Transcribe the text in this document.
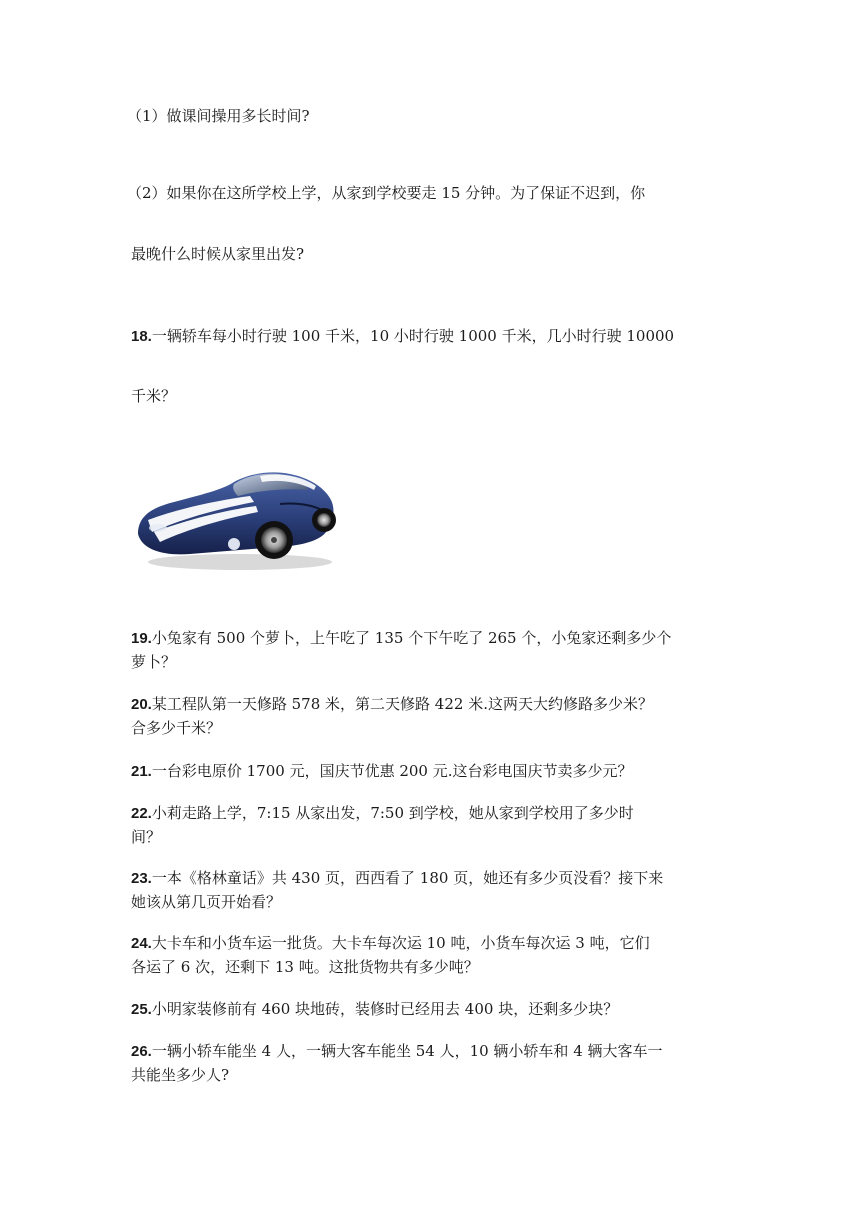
（1）做课间操用多长时间?
（2）如果你在这所学校上学，从家到学校要走 15 分钟。为了保证不迟到，你
最晚什么时候从家里出发?
18.一辆轿车每小时行驶 100 千米，10 小时行驶 1000 千米，几小时行驶 10000
千米？
19.小兔家有 500 个萝卜，上午吃了 135 个下午吃了 265 个，小兔家还剩多少个
萝卜？
20.某工程队第一天修路 578 米，第二天修路 422 米.这两天大约修路多少米？
合多少千米？
21.一台彩电原价 1700 元，国庆节优惠 200 元.这台彩电国庆节卖多少元？
22.小莉走路上学，7:15 从家出发，7:50 到学校，她从家到学校用了多少时
间？
23.一本《格林童话》共 430 页，西西看了 180 页，她还有多少页没看？接下来
她该从第几页开始看？
24.大卡车和小货车运一批货。大卡车每次运 10 吨，小货车每次运 3 吨，它们
各运了 6 次，还剩下 13 吨。这批货物共有多少吨？
25.小明家装修前有 460 块地砖，装修时已经用去 400 块，还剩多少块？
26.一辆小轿车能坐 4 人，一辆大客车能坐 54 人，10 辆小轿车和 4 辆大客车一
共能坐多少人?
